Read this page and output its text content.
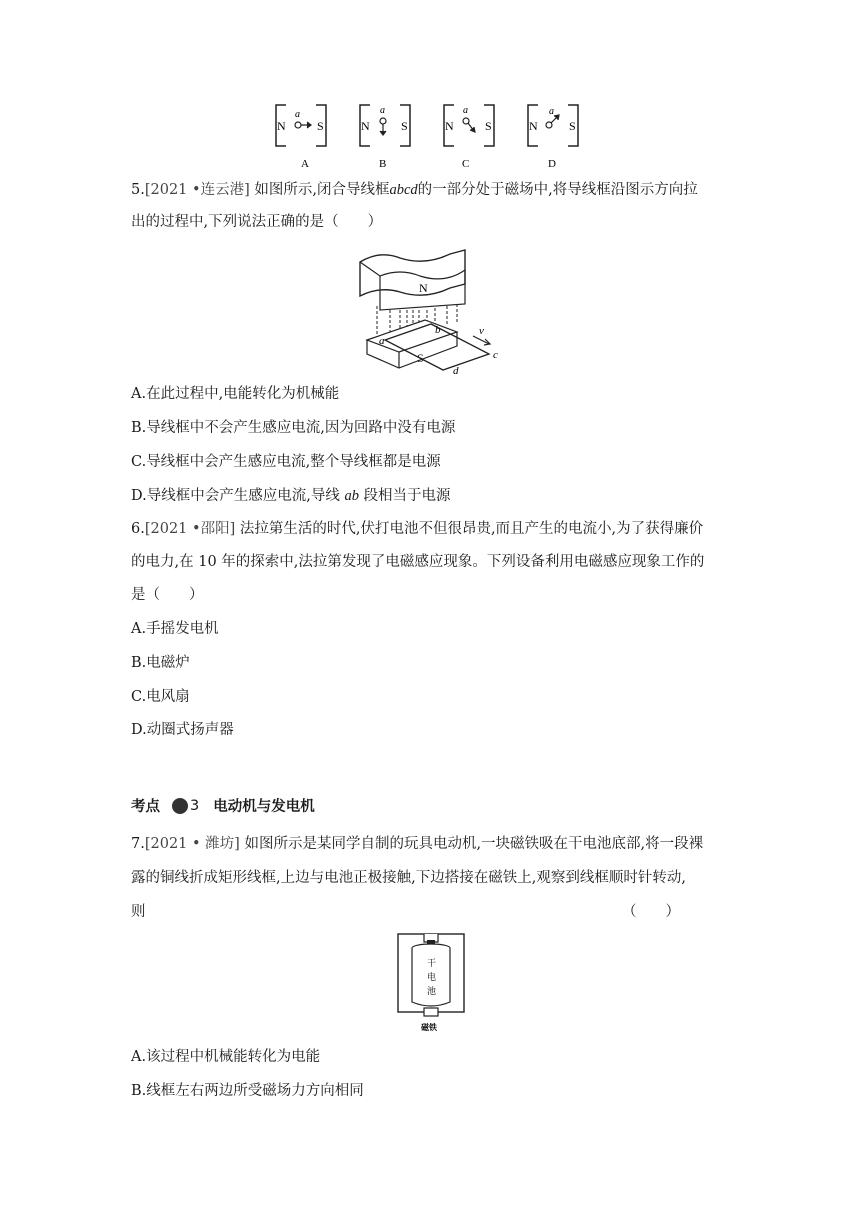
N	S
a
A
N	S
a
B
N	S
a
C
N	S
a
D
5.[2021 •连云港] 如图所示,闭合导线框abcd的一部分处于磁场中,将导线框沿图示方向拉
出的过程中,下列说法正确的是（　　）
N
S
a
b
c
d
v
A.在此过程中,电能转化为机械能
B.导线框中不会产生感应电流,因为回路中没有电源
C.导线框中会产生感应电流,整个导线框都是电源
D.导线框中会产生感应电流,导线 ab 段相当于电源
6.[2021 •邵阳] 法拉第生活的时代,伏打电池不但很昂贵,而且产生的电流小,为了获得廉价
的电力,在 10 年的探索中,法拉第发现了电磁感应现象。下列设备利用电磁感应现象工作的
是（　　）
A.手摇发电机
B.电磁炉
C.电风扇
D.动圈式扬声器
考点 3 电动机与发电机
7.[2021 • 潍坊] 如图所示是某同学自制的玩具电动机,一块磁铁吸在干电池底部,将一段裸
露的铜线折成矩形线框,上边与电池正极接触,下边搭接在磁铁上,观察到线框顺时针转动,
则	（　　）
干
电
池
磁铁
A.该过程中机械能转化为电能
B.线框左右两边所受磁场力方向相同
